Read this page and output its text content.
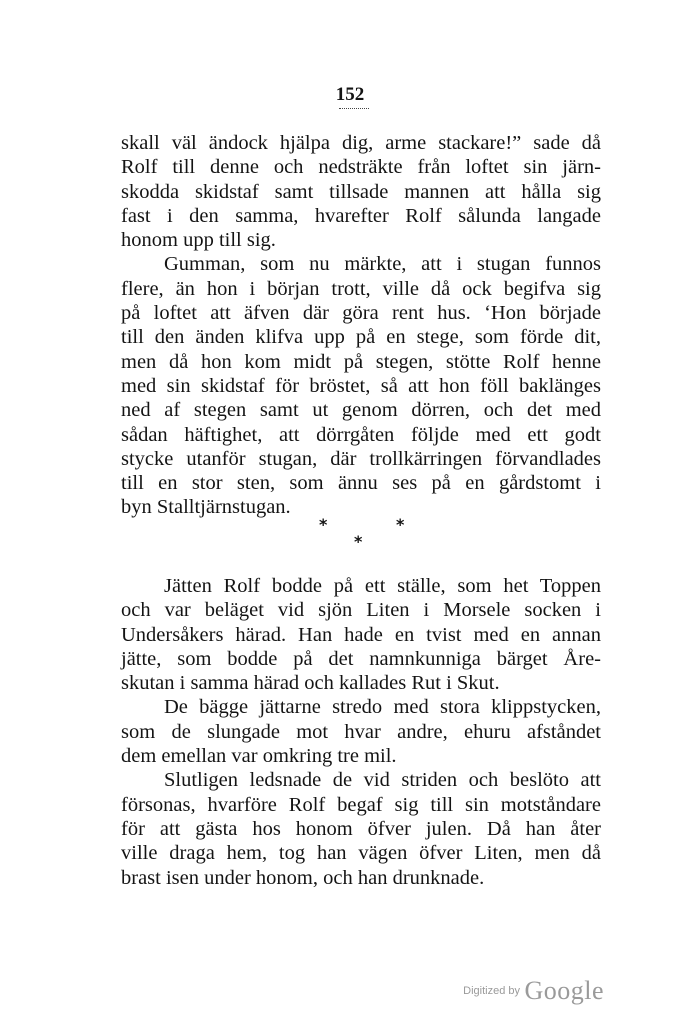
152
skall väl ändock hjälpa dig, arme stackare!” sade då
Rolf till denne och nedsträkte från loftet sin järn-
skodda skidstaf samt tillsade mannen att hålla sig
fast i den samma, hvarefter Rolf sålunda langade
honom upp till sig.
Gumman, som nu märkte, att i stugan funnos
flere, än hon i början trott, ville då ock begifva sig
på loftet att äfven där göra rent hus. ‘Hon började
till den änden klifva upp på en stege, som förde dit,
men då hon kom midt på stegen, stötte Rolf henne
med sin skidstaf för bröstet, så att hon föll baklänges
ned af stegen samt ut genom dörren, och det med
sådan häftighet, att dörrgåten följde med ett godt
stycke utanför stugan, där trollkärringen förvandlades
till en stor sten, som ännu ses på en gårdstomt i
byn Stalltjärnstugan.
*	*
*
Jätten Rolf bodde på ett ställe, som het Toppen
och var beläget vid sjön Liten i Morsele socken i
Undersåkers härad. Han hade en tvist med en annan
jätte, som bodde på det namnkunniga bärget Åre-
skutan i samma härad och kallades Rut i Skut.
De bägge jättarne stredo med stora klippstycken,
som de slungade mot hvar andre, ehuru afståndet
dem emellan var omkring tre mil.
Slutligen ledsnade de vid striden och beslöto att
försonas, hvarföre Rolf begaf sig till sin motståndare
för att gästa hos honom öfver julen. Då han åter
ville draga hem, tog han vägen öfver Liten, men då
brast isen under honom, och han drunknade.
Digitized by Google
